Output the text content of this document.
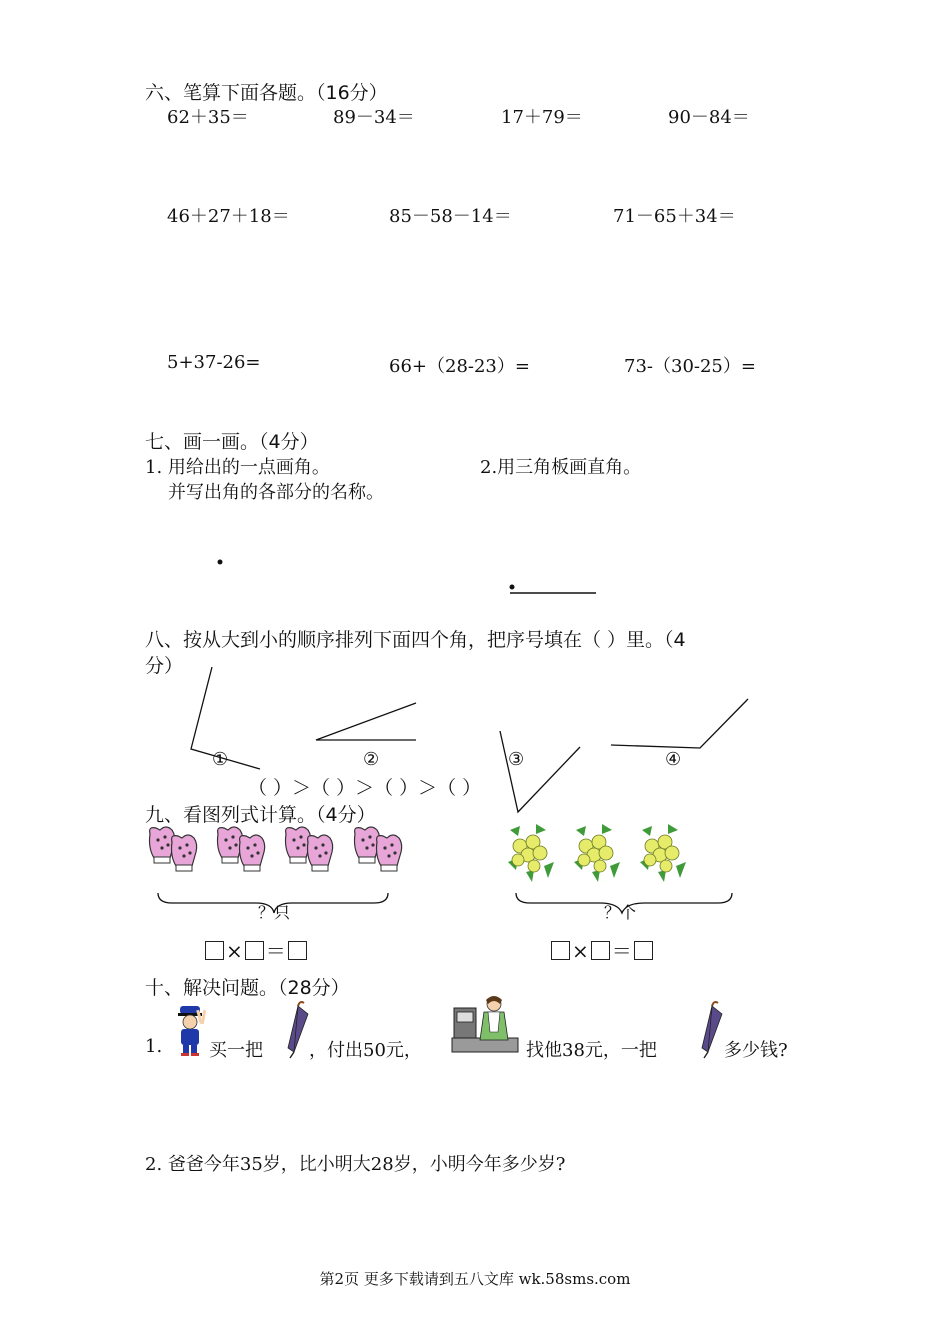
六、笔算下面各题。（16分）
62＋35＝	89－34＝	17＋79＝	90－84＝
46＋27＋18＝	85－58－14＝	71－65＋34＝
5+37-26=	66+（28-23）=	73-（30-25）=
七、画一画。（4分）
1. 用给出的一点画角。
并写出角的各部分的名称。
2.用三角板画直角。
八、按从大到小的顺序排列下面四个角，把序号填在（ ）里。（4
分）
①	②	③	④
（ ）＞（ ）＞（ ）＞（ ）
九、看图列式计算。（4分）
？只	？个
× ＝	× ＝
十、解决问题。（28分）
1.	买一把	，付出50元，	找他38元，一把	多少钱?
2. 爸爸今年35岁，比小明大28岁，小明今年多少岁?
第2页 更多下载请到五八文库 wk.58sms.com
